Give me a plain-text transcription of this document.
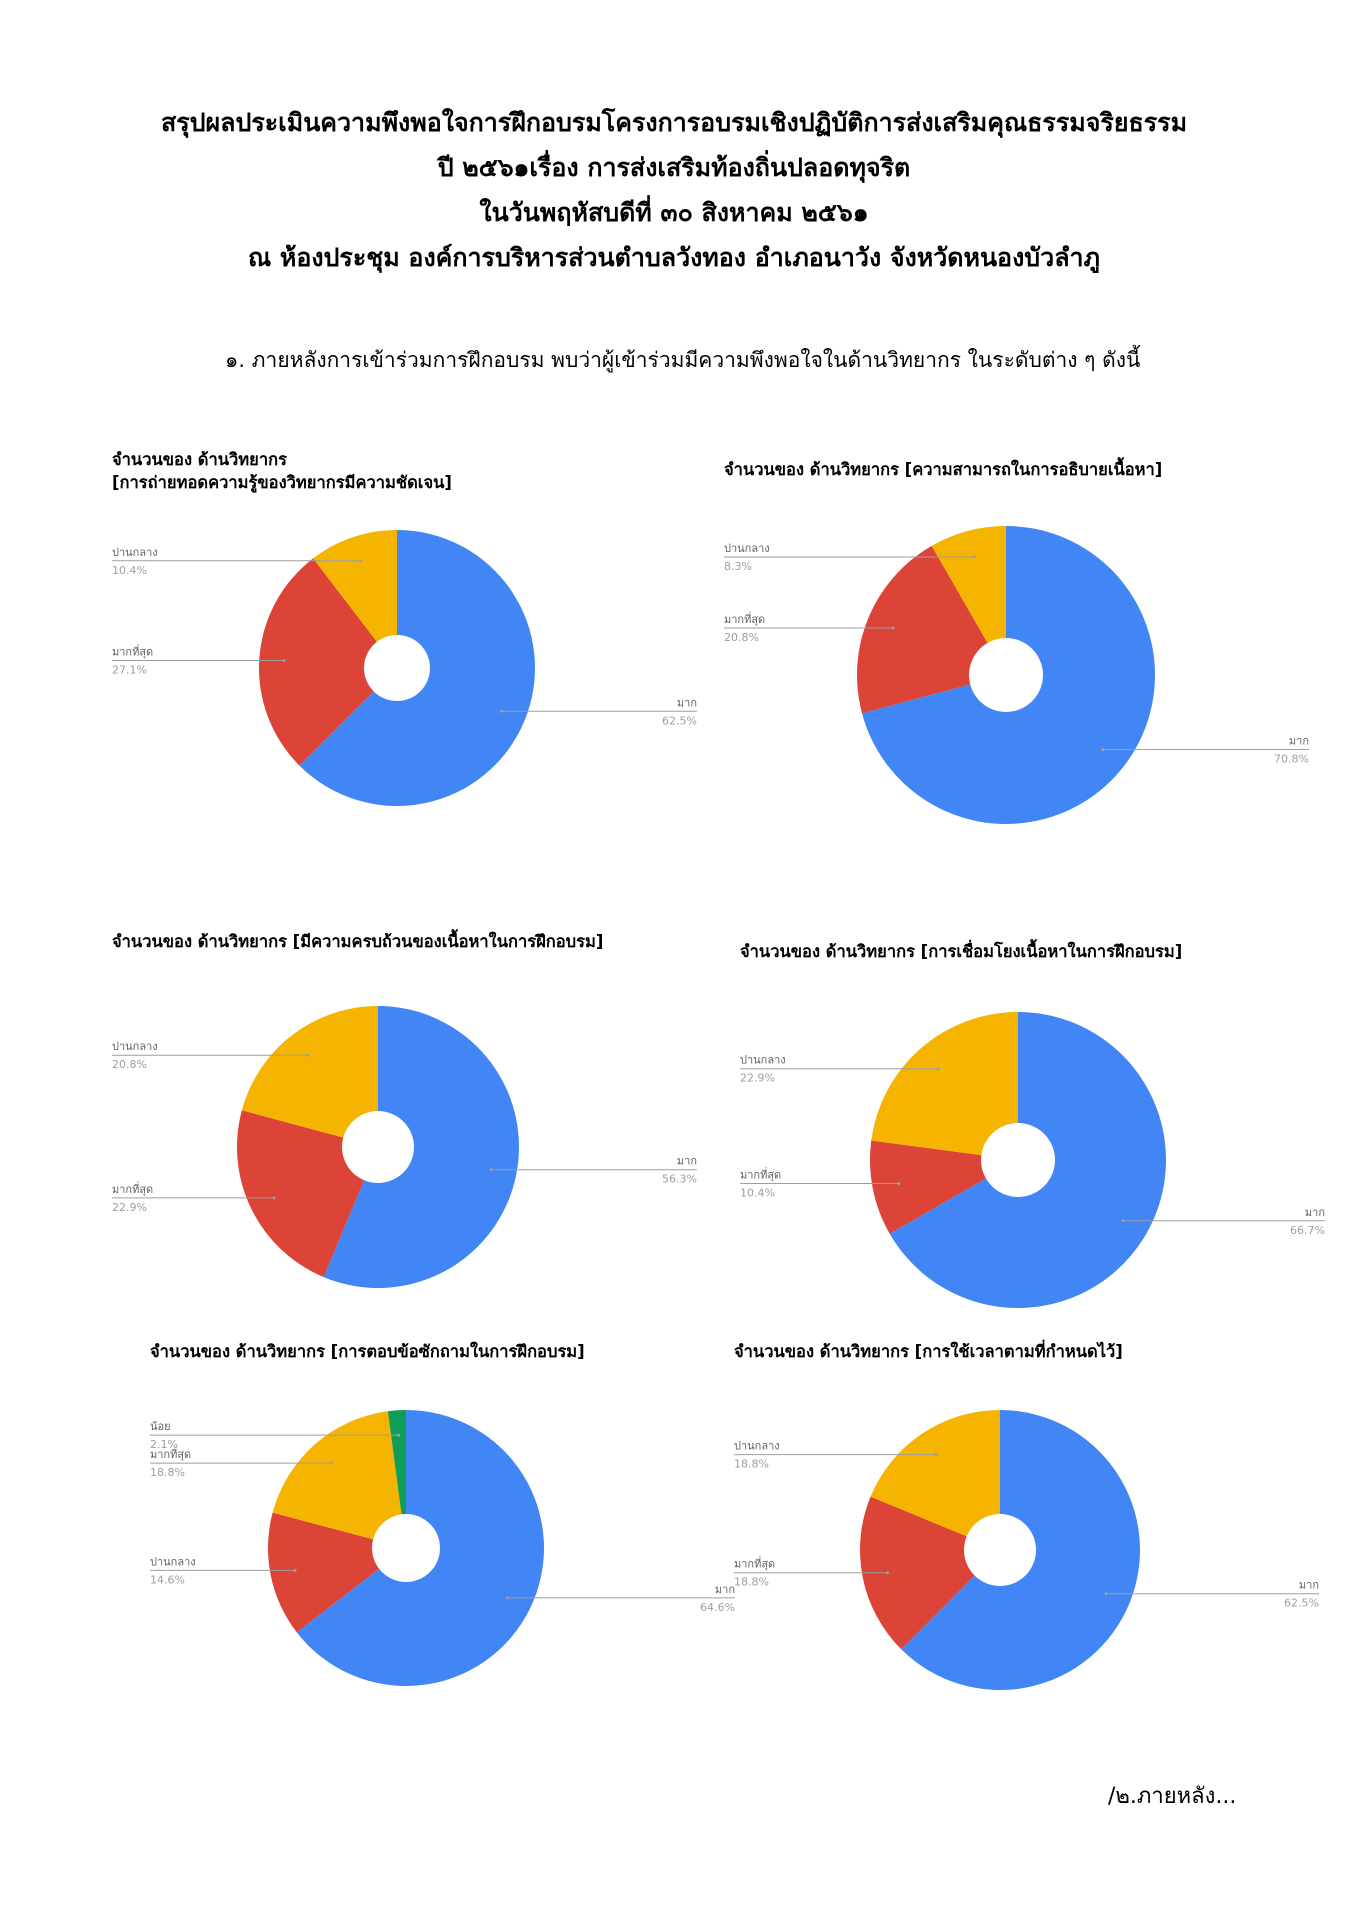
สรุปผลประเมินความพึงพอใจการฝึกอบรมโครงการอบรมเชิงปฏิบัติการส่งเสริมคุณธรรมจริยธรรม
ปี ๒๕๖๑เรื่อง การส่งเสริมท้องถิ่นปลอดทุจริต
ในวันพฤหัสบดีที่ ๓๐ สิงหาคม ๒๕๖๑
ณ ห้องประชุม องค์การบริหารส่วนตำบลวังทอง อำเภอนาวัง จังหวัดหนองบัวลำภู
๑. ภายหลังการเข้าร่วมการฝึกอบรม พบว่าผู้เข้าร่วมมีความพึงพอใจในด้านวิทยากร ในระดับต่าง ๆ ดังนี้
จำนวนของ ด้านวิทยากร
[การถ่ายทอดความรู้ของวิทยากรมีความชัดเจน]
มาก
62.5%
มากที่สุด
27.1%
ปานกลาง
10.4%
จำนวนของ ด้านวิทยากร [ความสามารถในการอธิบายเนื้อหา]
มาก
70.8%
มากที่สุด
20.8%
ปานกลาง
8.3%
จำนวนของ ด้านวิทยากร [มีความครบถ้วนของเนื้อหาในการฝึกอบรม]
มาก
56.3%
มากที่สุด
22.9%
ปานกลาง
20.8%
จำนวนของ ด้านวิทยากร [การเชื่อมโยงเนื้อหาในการฝึกอบรม]
มาก
66.7%
มากที่สุด
10.4%
ปานกลาง
22.9%
จำนวนของ ด้านวิทยากร [การตอบข้อซักถามในการฝึกอบรม]
มาก
64.6%
ปานกลาง
14.6%
มากที่สุด
18.8%
น้อย
2.1%
จำนวนของ ด้านวิทยากร [การใช้เวลาตามที่กำหนดไว้]
มาก
62.5%
มากที่สุด
18.8%
ปานกลาง
18.8%
/๒.ภายหลัง...
